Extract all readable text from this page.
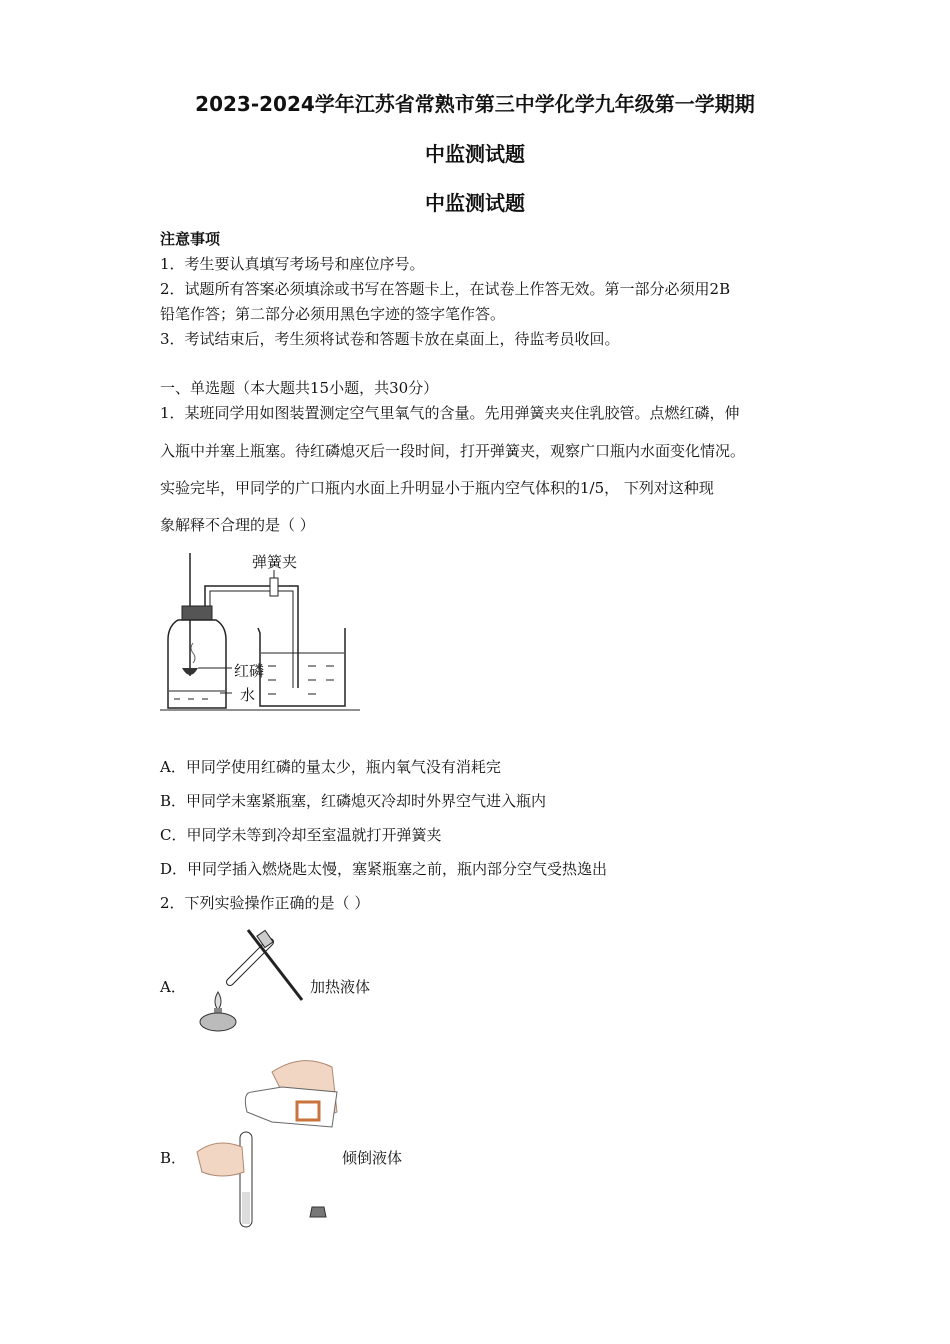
2023-2024学年江苏省常熟市第三中学化学九年级第一学期期
中监测试题
中监测试题
注意事项
1．考生要认真填写考场号和座位序号。
2．试题所有答案必须填涂或书写在答题卡上，在试卷上作答无效。第一部分必须用2B
铅笔作答；第二部分必须用黑色字迹的签字笔作答。
3．考试结束后，考生须将试卷和答题卡放在桌面上，待监考员收回。
一、单选题（本大题共15小题，共30分）
1．某班同学用如图装置测定空气里氧气的含量。先用弹簧夹夹住乳胶管。点燃红磷，伸
入瓶中并塞上瓶塞。待红磷熄灭后一段时间，打开弹簧夹，观察广口瓶内水面变化情况。
实验完毕，甲同学的广口瓶内水面上升明显小于瓶内空气体积的1/5， 下列对这种现
象解释不合理的是（ ）
弹簧夹
红磷
水
A．甲同学使用红磷的量太少，瓶内氧气没有消耗完
B．甲同学未塞紧瓶塞，红磷熄灭冷却时外界空气进入瓶内
C．甲同学未等到冷却至室温就打开弹簧夹
D．甲同学插入燃烧匙太慢，塞紧瓶塞之前，瓶内部分空气受热逸出
2．下列实验操作正确的是（ ）
A．	加热液体
B．	倾倒液体
